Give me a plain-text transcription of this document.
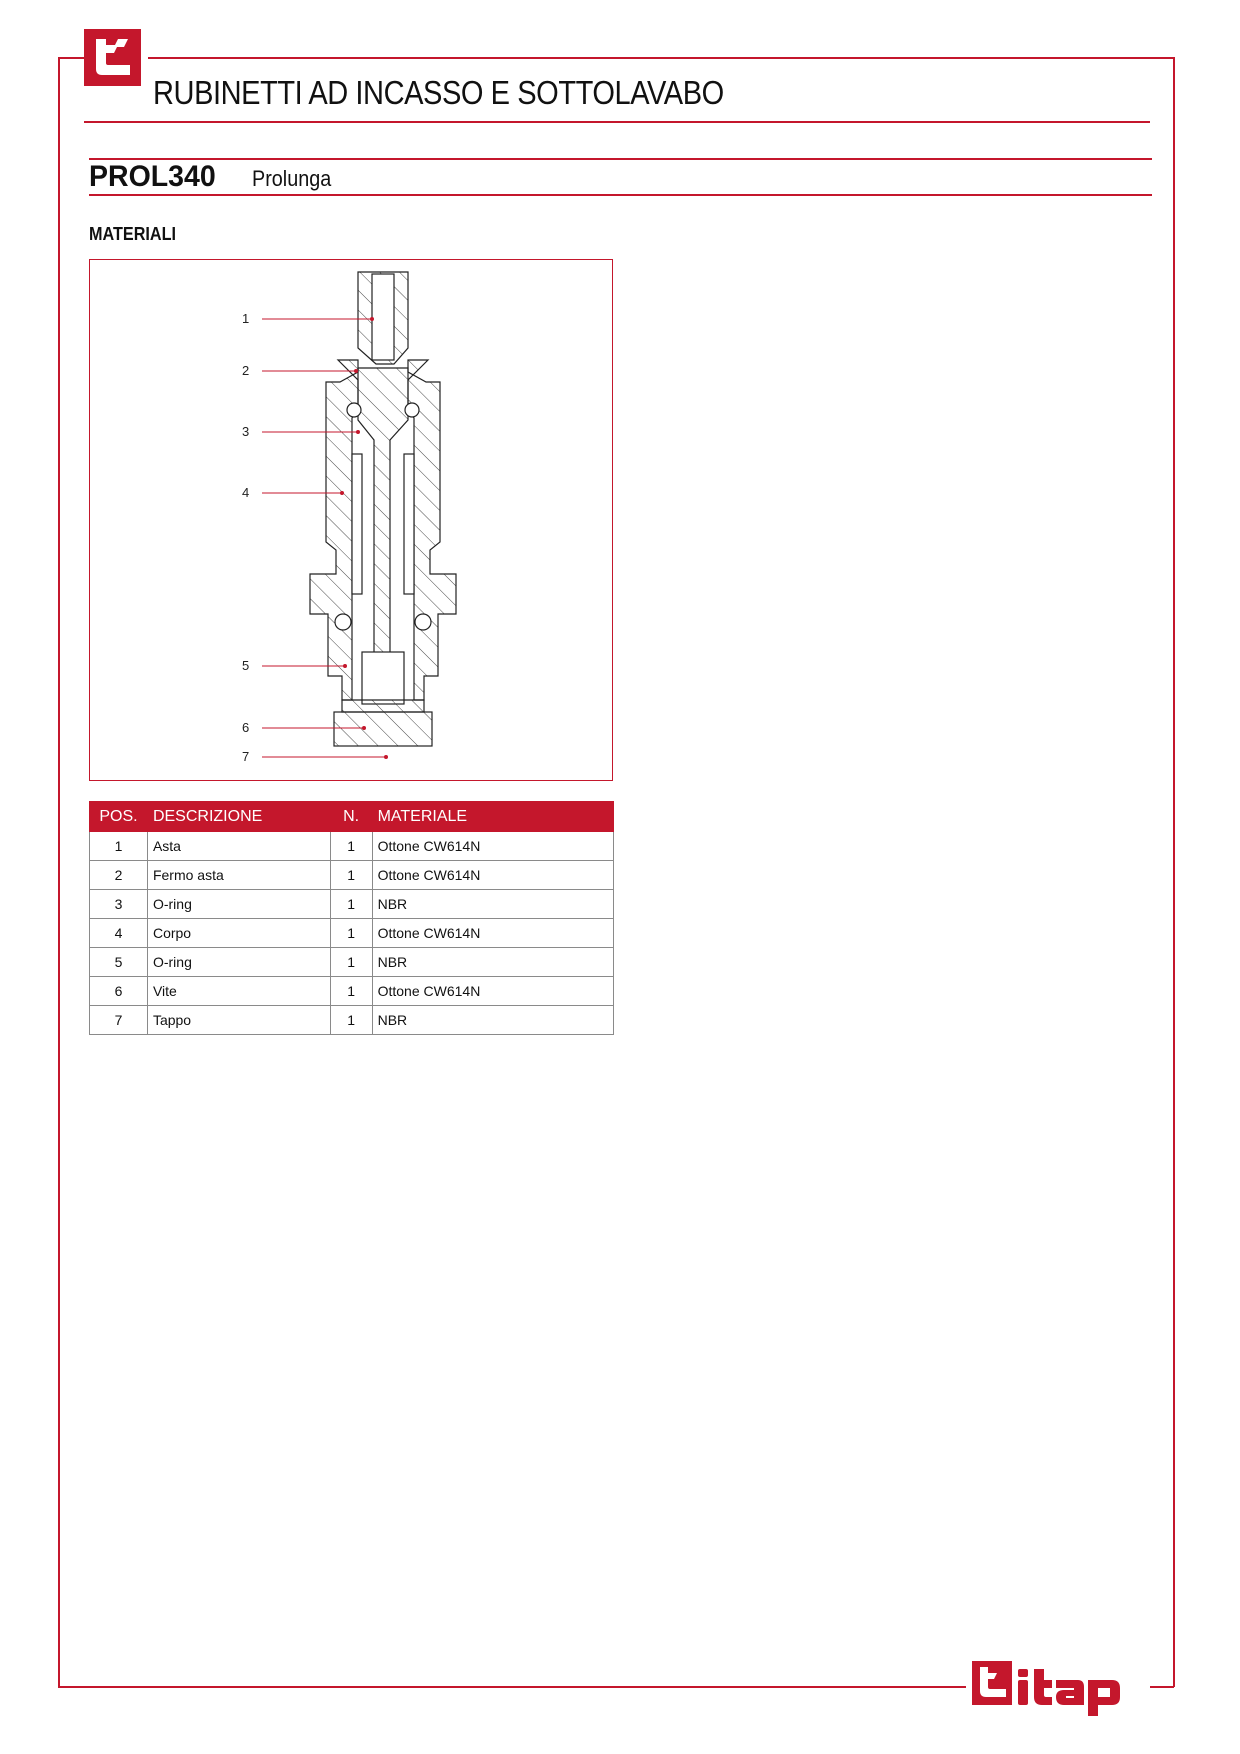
RUBINETTI AD INCASSO E SOTTOLAVABO
PROL340 Prolunga
MATERIALI
1
2
3
4
5
6
7
POS.	DESCRIZIONE	N.	MATERIALE
1	Asta	1	Ottone CW614N
2	Fermo asta	1	Ottone CW614N
3	O-ring	1	NBR
4	Corpo	1	Ottone CW614N
5	O-ring	1	NBR
6	Vite	1	Ottone CW614N
7	Tappo	1	NBR
